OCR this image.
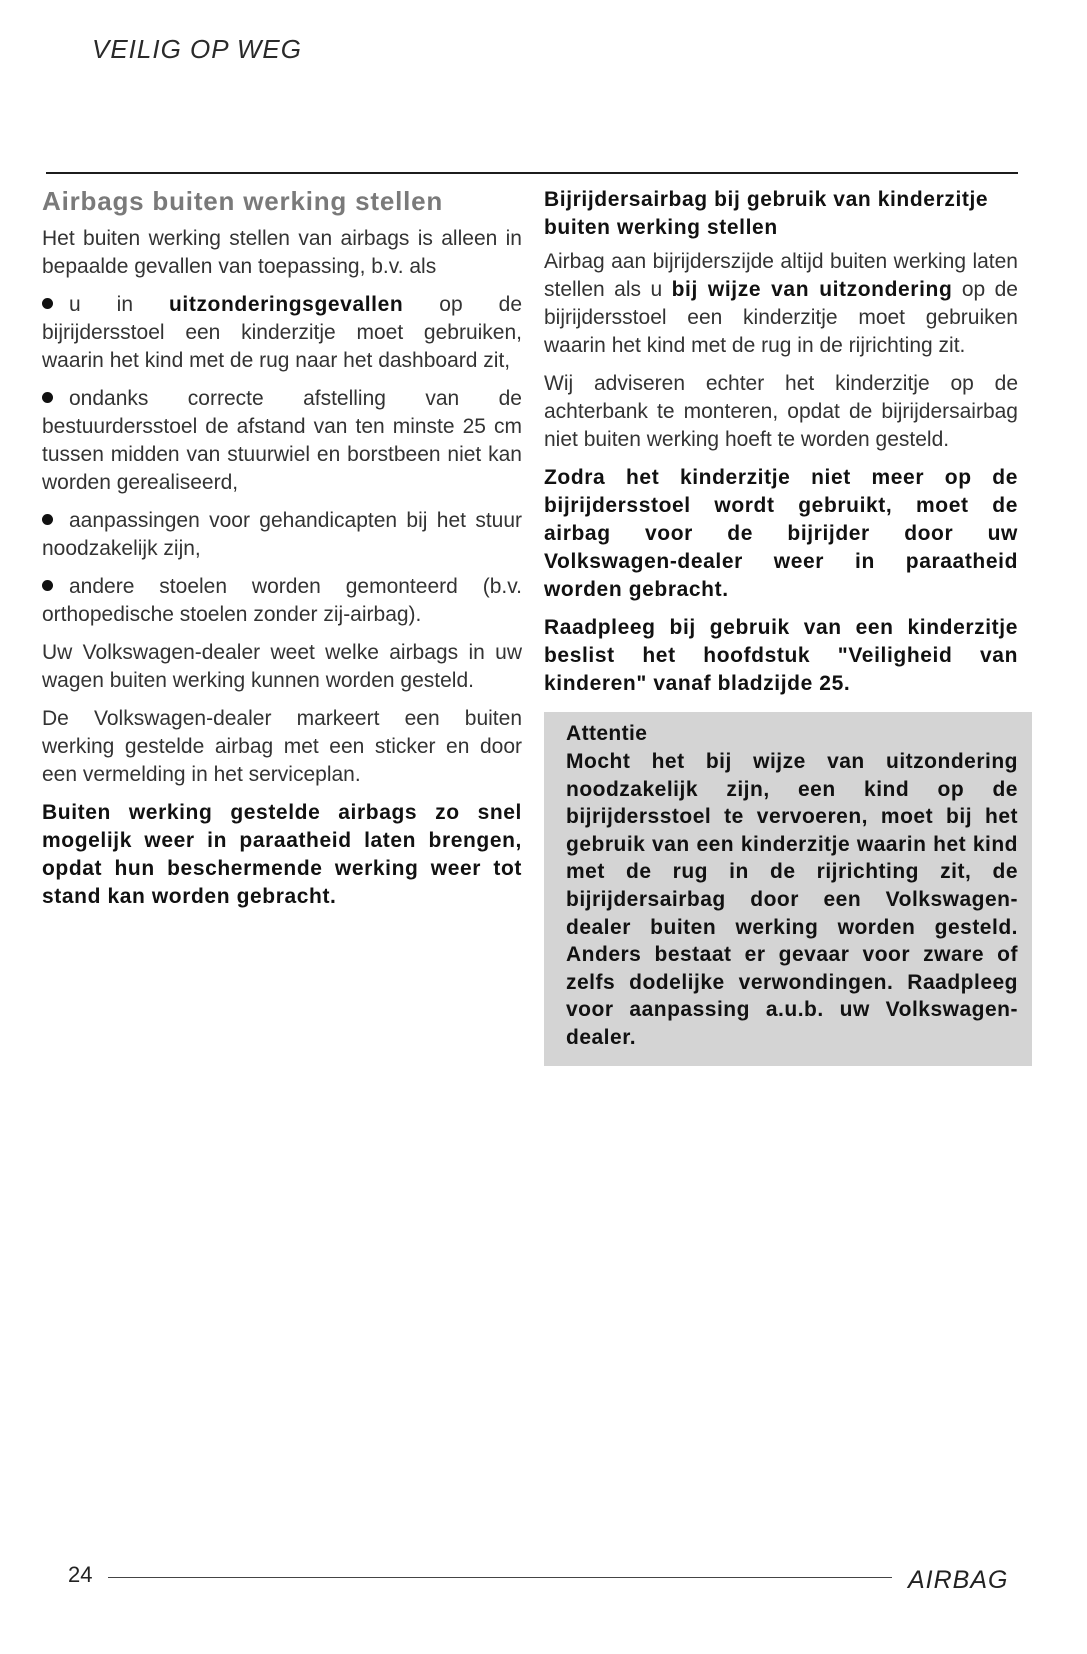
VEILIG OP WEG
Airbags buiten werking stellen

Het buiten werking stellen van airbags is alleen in bepaalde gevallen van toepassing, b.v. als

u in uitzonderingsgevallen op de bijrijdersstoel een kinderzitje moet gebruiken, waarin het kind met de rug naar het dashboard zit,
ondanks correcte afstelling van de bestuurdersstoel de afstand van ten minste 25 cm tussen midden van stuurwiel en borstbeen niet kan worden gerealiseerd,
aanpassingen voor gehandicapten bij het stuur noodzakelijk zijn,
andere stoelen worden gemonteerd (b.v. orthopedische stoelen zonder zij-airbag).

Uw Volkswagen-dealer weet welke airbags in uw wagen buiten werking kunnen worden gesteld.

De Volkswagen-dealer markeert een buiten werking gestelde airbag met een sticker en door een vermelding in het serviceplan.

Buiten werking gestelde airbags zo snel mogelijk weer in paraatheid laten brengen, opdat hun beschermende werking weer tot stand kan worden gebracht.

Bijrijdersairbag bij gebruik van kinderzitje buiten werking stellen

Airbag aan bijrijderszijde altijd buiten werking laten stellen als u bij wijze van uitzondering op de bijrijdersstoel een kinderzitje moet gebruiken waarin het kind met de rug in de rijrichting zit.

Wij adviseren echter het kinderzitje op de achterbank te monteren, opdat de bijrijdersairbag niet buiten werking hoeft te worden gesteld.

Zodra het kinderzitje niet meer op de bijrijdersstoel wordt gebruikt, moet de airbag voor de bijrijder door uw Volkswagen-dealer weer in paraatheid worden gebracht.

Raadpleeg bij gebruik van een kinderzitje beslist het hoofdstuk "Veiligheid van kinderen" vanaf bladzijde 25.

Attentie

Mocht het bij wijze van uitzondering noodzakelijk zijn, een kind op de bijrijdersstoel te vervoeren, moet bij het gebruik van een kinderzitje waarin het kind met de rug in de rijrichting zit, de bijrijdersairbag door een Volkswagen-dealer buiten werking worden gesteld. Anders bestaat er gevaar voor zware of zelfs dodelijke verwondingen. Raadpleeg voor aanpassing a.u.b. uw Volkswagen-dealer.

24	AIRBAG
